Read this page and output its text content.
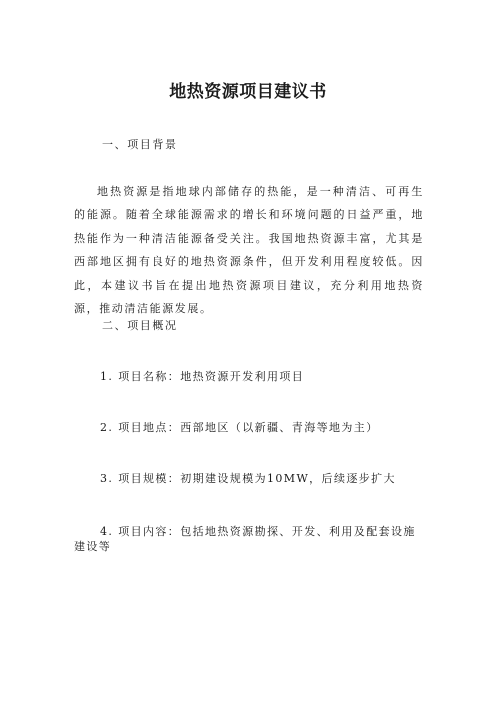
地热资源项目建议书
一、项目背景
地热资源是指地球内部储存的热能，是一种清洁、可再生的能源。随着全球能源需求的增长和环境问题的日益严重，地热能作为一种清洁能源备受关注。我国地热资源丰富，尤其是西部地区拥有良好的地热资源条件，但开发利用程度较低。因此，本建议书旨在提出地热资源项目建议，充分利用地热资源，推动清洁能源发展。
二、项目概况
1. 项目名称：地热资源开发利用项目
2. 项目地点：西部地区（以新疆、青海等地为主）
3. 项目规模：初期建设规模为10MW，后续逐步扩大
4. 项目内容：包括地热资源勘探、开发、利用及配套设施建设等
